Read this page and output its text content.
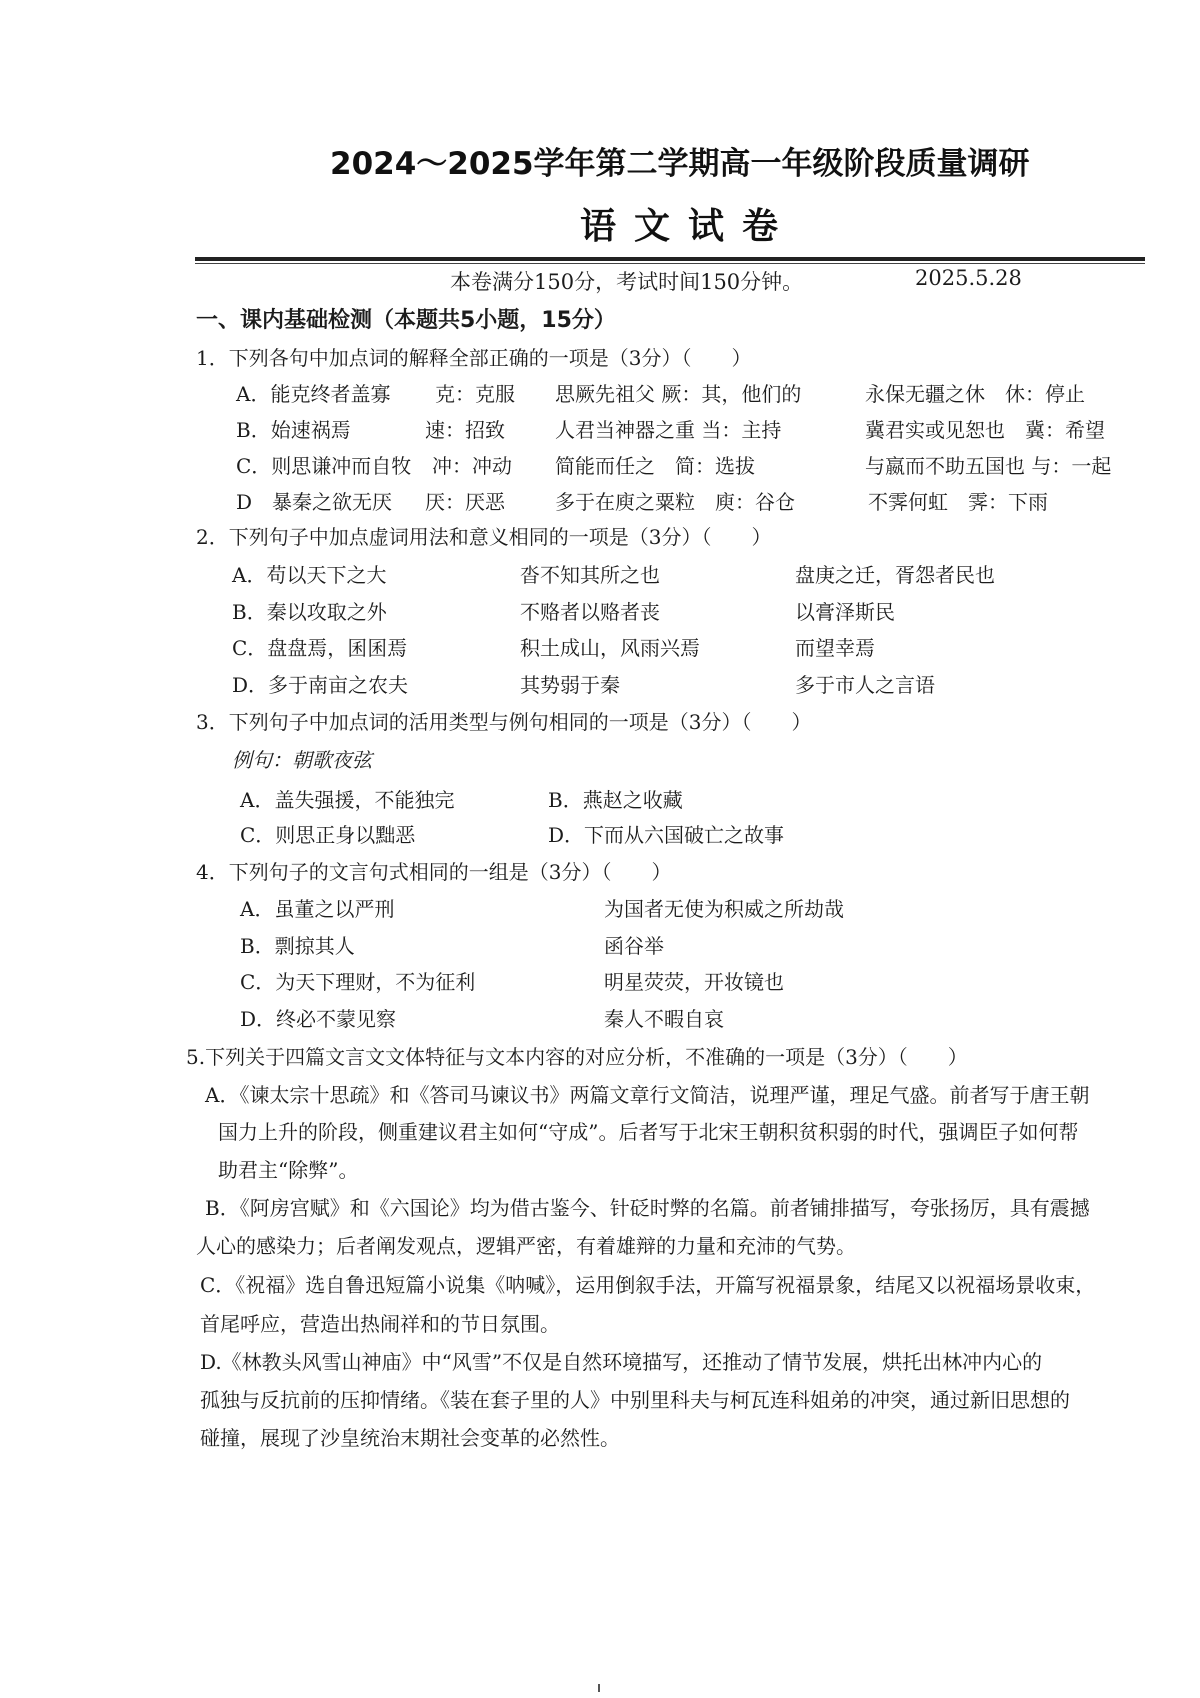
2024～2025学年第二学期高一年级阶段质量调研
语文试卷
本卷满分150分，考试时间150分钟。	2025.5.28
一、课内基础检测（本题共5小题，15分）
1．下列各句中加点词的解释全部正确的一项是（3分）（　　）
A．能克终者盖寡 克：克服 思厥先祖父 厥：其，他们的	永保无疆之休　休：停止
B．始速祸焉	速：招致	人君当神器之重 当：主持	冀君实或见恕也　冀：希望
C．则思谦冲而自牧 冲：冲动 简能而任之　简：选拔	与嬴而不助五国也 与：一起
D　暴秦之欲无厌 厌：厌恶	多于在庾之粟粒　庾：谷仓	不霁何虹　霁：下雨
2．下列句子中加点虚词用法和意义相同的一项是（3分）（　　）
A．苟以天下之大	沓不知其所之也	盘庚之迁，胥怨者民也
B．秦以攻取之外	不赂者以赂者丧	以膏泽斯民
C．盘盘焉，囷囷焉	积土成山，风雨兴焉	而望幸焉
D．多于南亩之农夫	其势弱于秦	多于市人之言语
3．下列句子中加点词的活用类型与例句相同的一项是（3分）（　　）
例句：朝歌夜弦
A．盖失强援，不能独完	B．燕赵之收藏
C．则思正身以黜恶	D．下而从六国破亡之故事
4．下列句子的文言句式相同的一组是（3分）（　　）
A．虽董之以严刑	为国者无使为积威之所劫哉
B．剽掠其人	函谷举
C．为天下理财，不为征利	明星荧荧，开妆镜也
D．终必不蒙见察	秦人不暇自哀
5.下列关于四篇文言文文体特征与文本内容的对应分析，不准确的一项是（3分）（　　）
A．《谏太宗十思疏》和《答司马谏议书》两篇文章行文简洁，说理严谨，理足气盛。前者写于唐王朝
国力上升的阶段，侧重建议君主如何“守成”。后者写于北宋王朝积贫积弱的时代，强调臣子如何帮
助君主“除弊”。
B．《阿房宫赋》和《六国论》均为借古鉴今、针砭时弊的名篇。前者铺排描写，夸张扬厉，具有震撼
人心的感染力；后者阐发观点，逻辑严密，有着雄辩的力量和充沛的气势。
C．《祝福》选自鲁迅短篇小说集《呐喊》，运用倒叙手法，开篇写祝福景象，结尾又以祝福场景收束，
首尾呼应，营造出热闹祥和的节日氛围。
D.《林教头风雪山神庙》中“风雪”不仅是自然环境描写，还推动了情节发展，烘托出林冲内心的
孤独与反抗前的压抑情绪。《装在套子里的人》中别里科夫与柯瓦连科姐弟的冲突，通过新旧思想的
碰撞，展现了沙皇统治末期社会变革的必然性。
